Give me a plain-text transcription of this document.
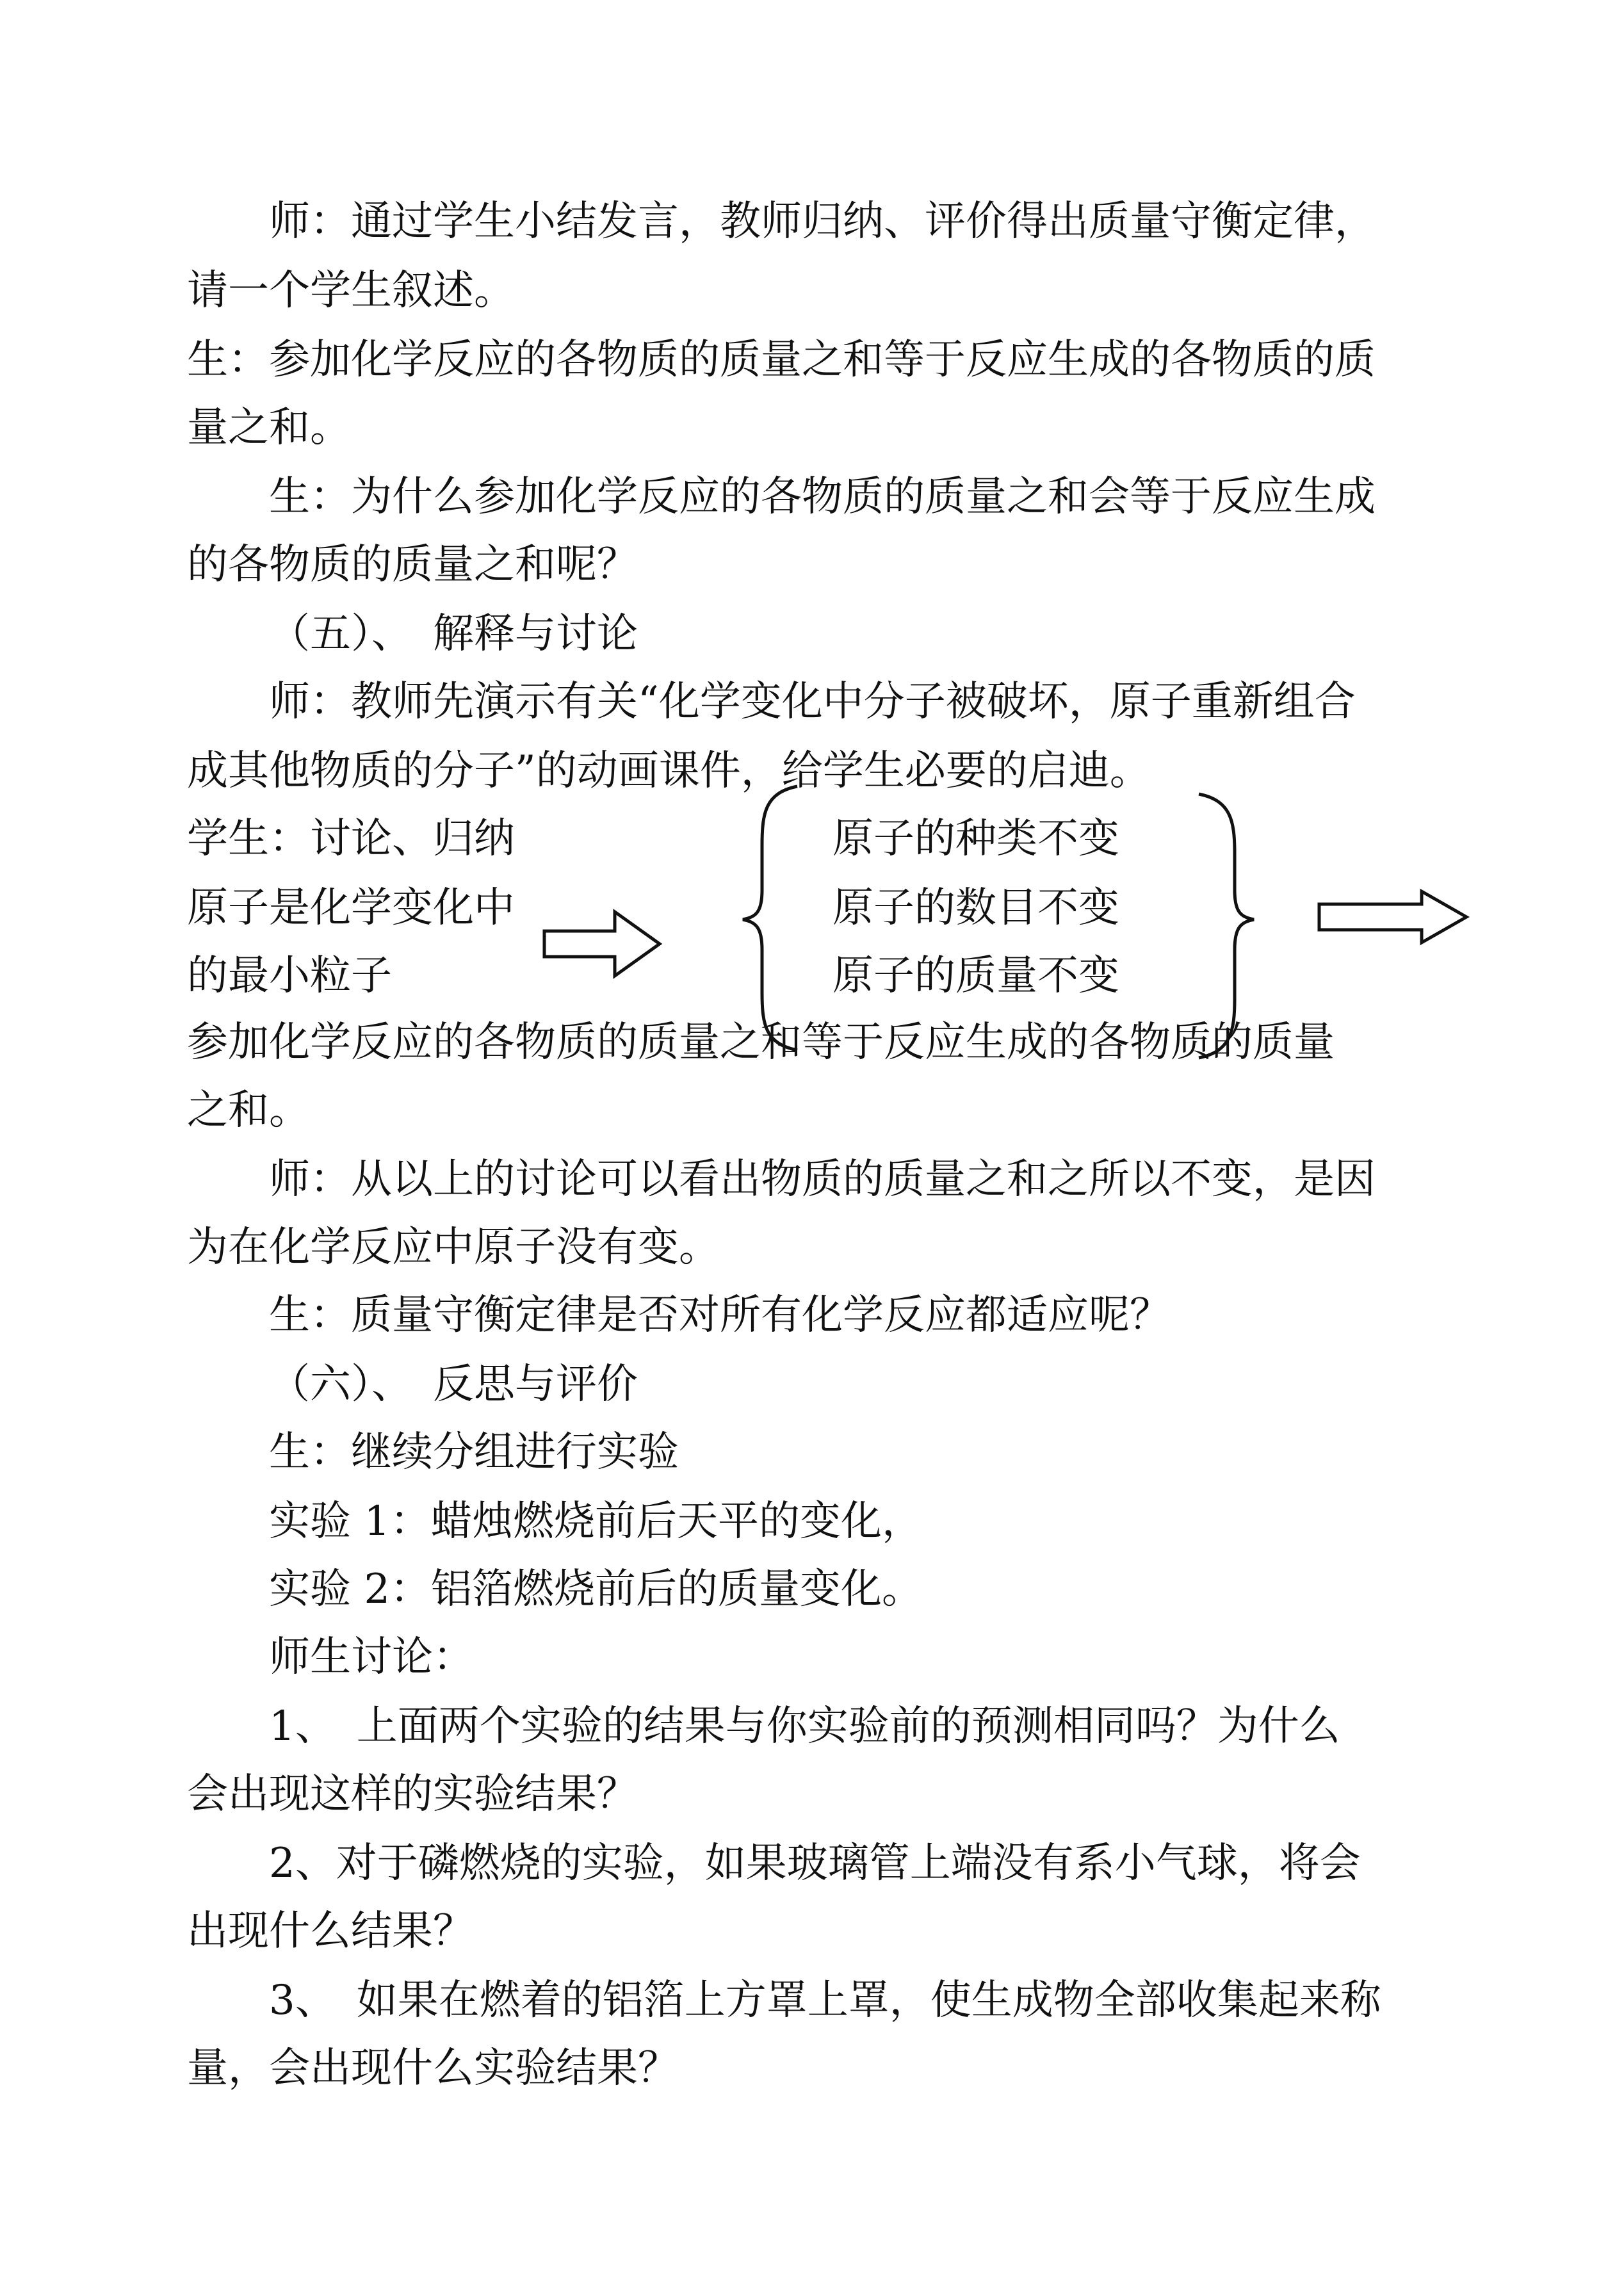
师：通过学生小结发言，教师归纳、评价得出质量守衡定律，
请一个学生叙述。
生：参加化学反应的各物质的质量之和等于反应生成的各物质的质
量之和。
生：为什么参加化学反应的各物质的质量之和会等于反应生成
的各物质的质量之和呢？
（五）、　解释与讨论
师：教师先演示有关“化学变化中分子被破坏，原子重新组合
成其他物质的分子”的动画课件，给学生必要的启迪。
学生：讨论、归纳
原子是化学变化中
的最小粒子
原子的种类不变
原子的数目不变
原子的质量不变
参加化学反应的各物质的质量之和等于反应生成的各物质的质量
之和。
师：从以上的讨论可以看出物质的质量之和之所以不变，是因
为在化学反应中原子没有变。
生：质量守衡定律是否对所有化学反应都适应呢？
（六）、　反思与评价
生：继续分组进行实验
实验 1：蜡烛燃烧前后天平的变化，
实验 2：铝箔燃烧前后的质量变化。
师生讨论：
1、　上面两个实验的结果与你实验前的预测相同吗？为什么
会出现这样的实验结果？
2、对于磷燃烧的实验，如果玻璃管上端没有系小气球，将会
出现什么结果？
3、　如果在燃着的铝箔上方罩上罩，使生成物全部收集起来称
量，会出现什么实验结果？
